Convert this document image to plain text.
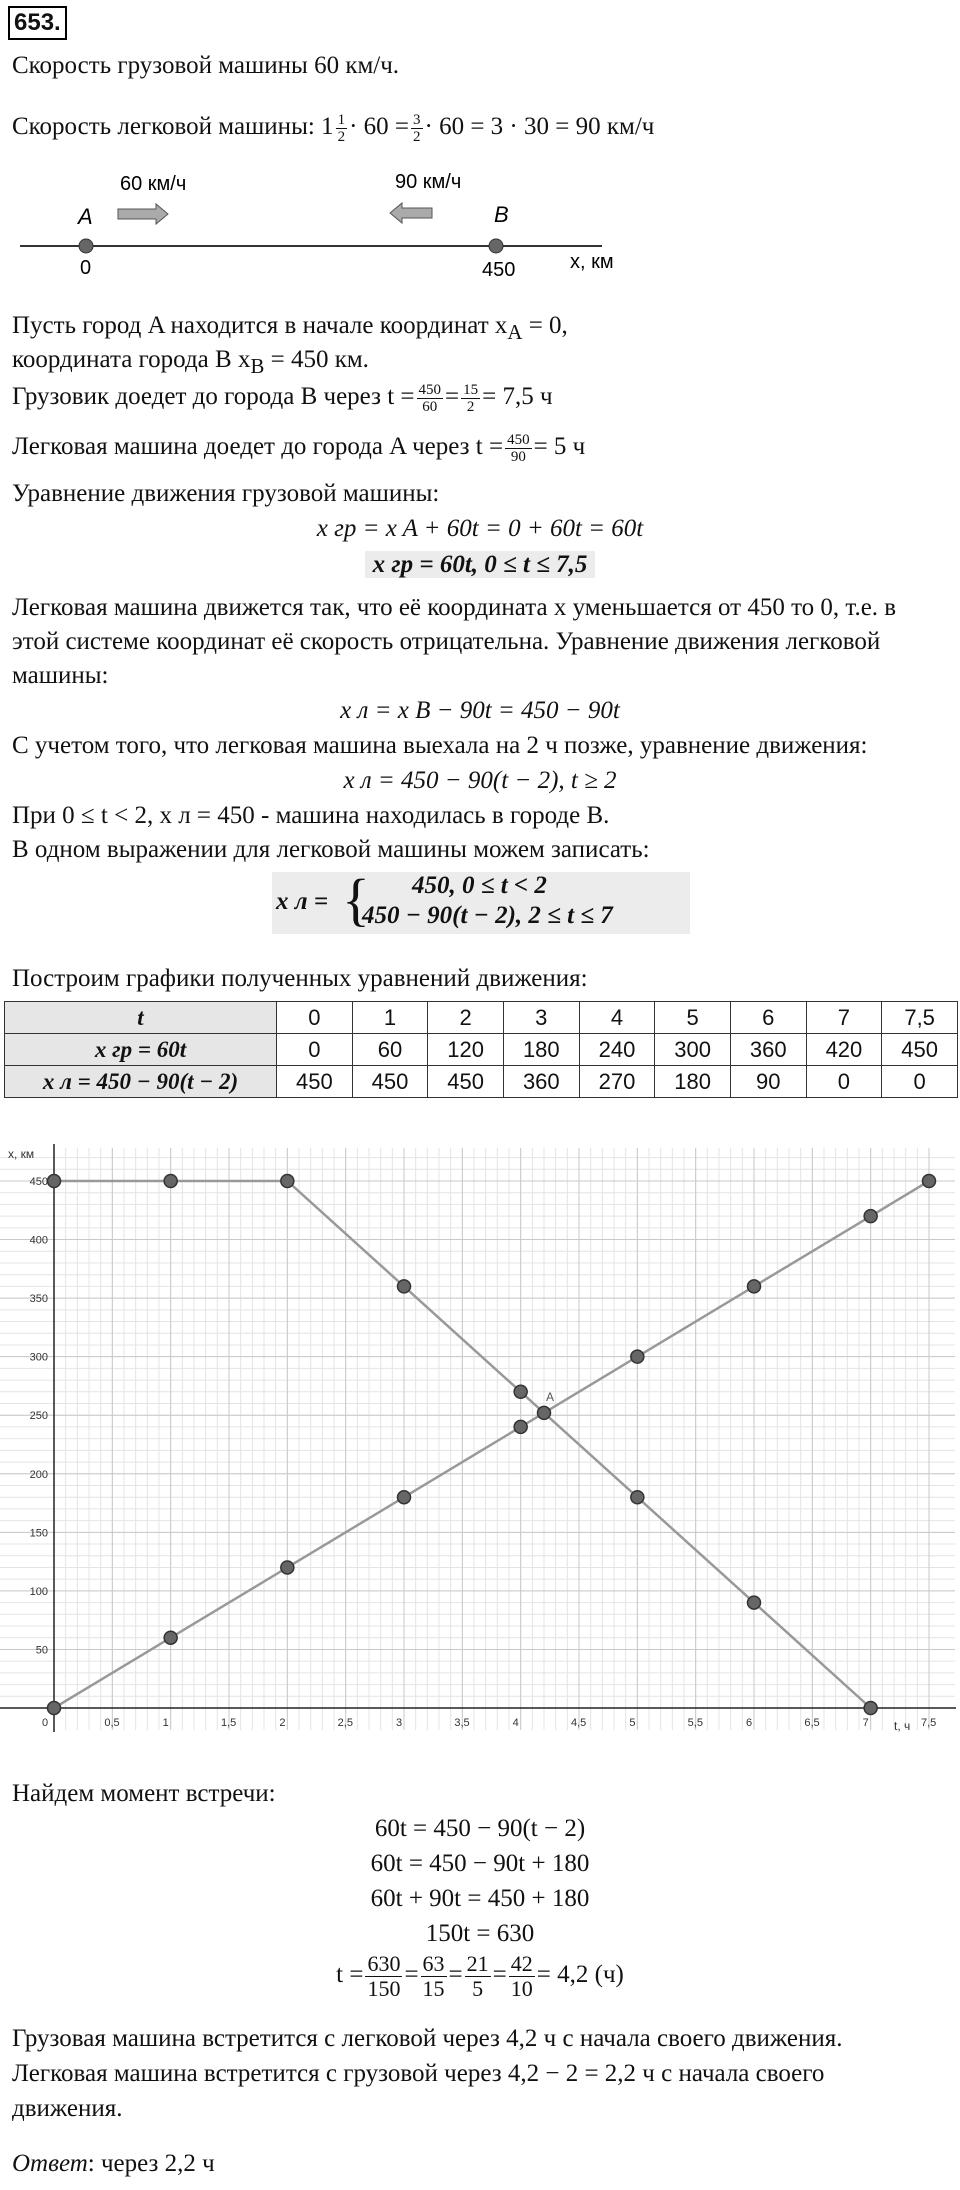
653.
Скорость грузовой машины 60 км/ч.
Скорость легковой машины: $1 \frac{1}{2} \cdot 60 = \frac{3}{2} \cdot 60 = 3 \cdot 30 = 90$ км/ч
60 км/ч	90 км/ч
A	B
0	450	x, км
Пусть город A находится в начале координат $x_A = 0$,
координата города B $x_B = 450$ км.
Грузовик доедет до города B через $t = \frac{450}{60} = \frac{15}{2} = 7,5$ ч
Легковая машина доедет до города A через $t = \frac{450}{90} = 5$ ч
Уравнение движения грузовой машины:
x гр = x A + 60t = 0 + 60t = 60t
x гр = 60t, 0 ≤ t ≤ 7,5
Легковая машина движется так, что её координата x уменьшается от 450 то 0, т.е. в
этой системе координат её скорость отрицательна. Уравнение движения легковой
машины:
x л = x B − 90t = 450 − 90t
С учетом того, что легковая машина выехала на 2 ч позже, уравнение движения:
x л = 450 − 90(t − 2), t ≥ 2
При 0 ≤ t < 2, x л = 450 - машина находилась в городе B.
В одном выражении для легковой машины можем записать:
x л = { 450, 0 ≤ t < 2
450 − 90(t − 2), 2 ≤ t ≤ 7
Построим графики полученных уравнений движения:
t	0	1	2	3	4	5	6	7	7,5
x гр = 60t	0	60	120	180	240	300	360	420	450
x л = 450 − 90(t − 2)	450	450	450	360	270	180	90	0	0
0	0,5	1	1,5	2	2,5	3	3,5	4	4,5	5	5,5	6	6,5	7	7,5
50
100
150
200
250
300
350
400
450
x, км
t, ч
A
Найдем момент встречи:
60t = 450 − 90(t − 2)
60t = 450 − 90t + 180
60t + 90t = 450 + 180
150t = 630
$t = \frac{630}{150} = \frac{63}{15} = \frac{21}{5} = \frac{42}{10} = 4,2$ (ч)
Грузовая машина встретится с легковой через 4,2 ч с начала своего движения.
Легковая машина встретится с грузовой через 4,2 − 2 = 2,2 ч с начала своего
движения.
Ответ: через 2,2 ч
